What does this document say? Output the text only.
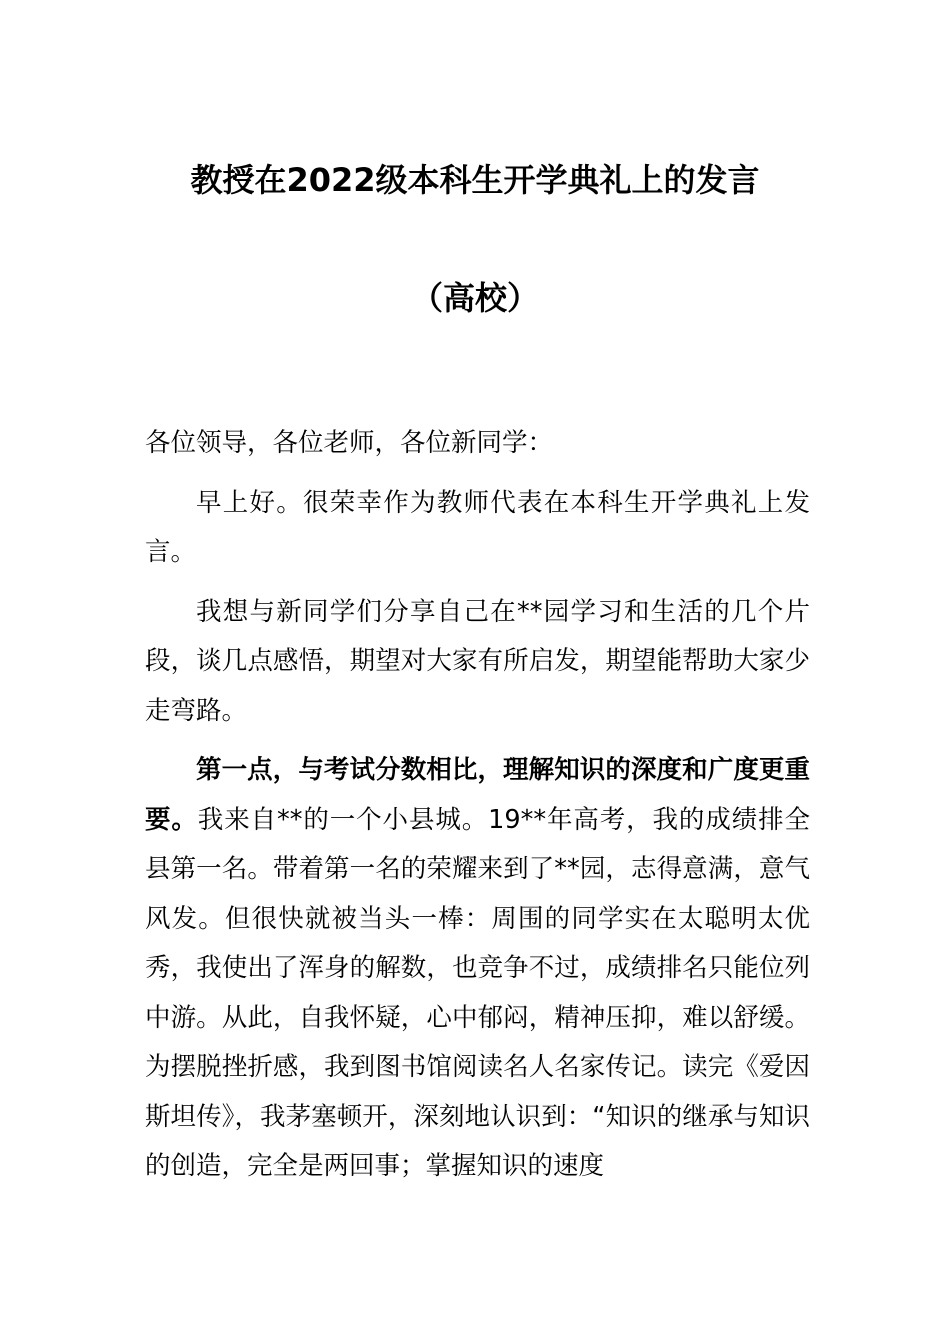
教授在2022级本科生开学典礼上的发言
（高校）

各位领导，各位老师，各位新同学：

早上好。很荣幸作为教师代表在本科生开学典礼上发言。

我想与新同学们分享自己在**园学习和生活的几个片段，谈几点感悟，期望对大家有所启发，期望能帮助大家少走弯路。

第一点，与考试分数相比，理解知识的深度和广度更重要。我来自**的一个小县城。19**年高考，我的成绩排全县第一名。带着第一名的荣耀来到了**园，志得意满，意气风发。但很快就被当头一棒：周围的同学实在太聪明太优秀，我使出了浑身的解数，也竞争不过，成绩排名只能位列中游。从此，自我怀疑，心中郁闷，精神压抑，难以舒缓。为摆脱挫折感，我到图书馆阅读名人名家传记。读完《爱因斯坦传》，我茅塞顿开，深刻地认识到：“知识的继承与知识的创造，完全是两回事；掌握知识的速度
